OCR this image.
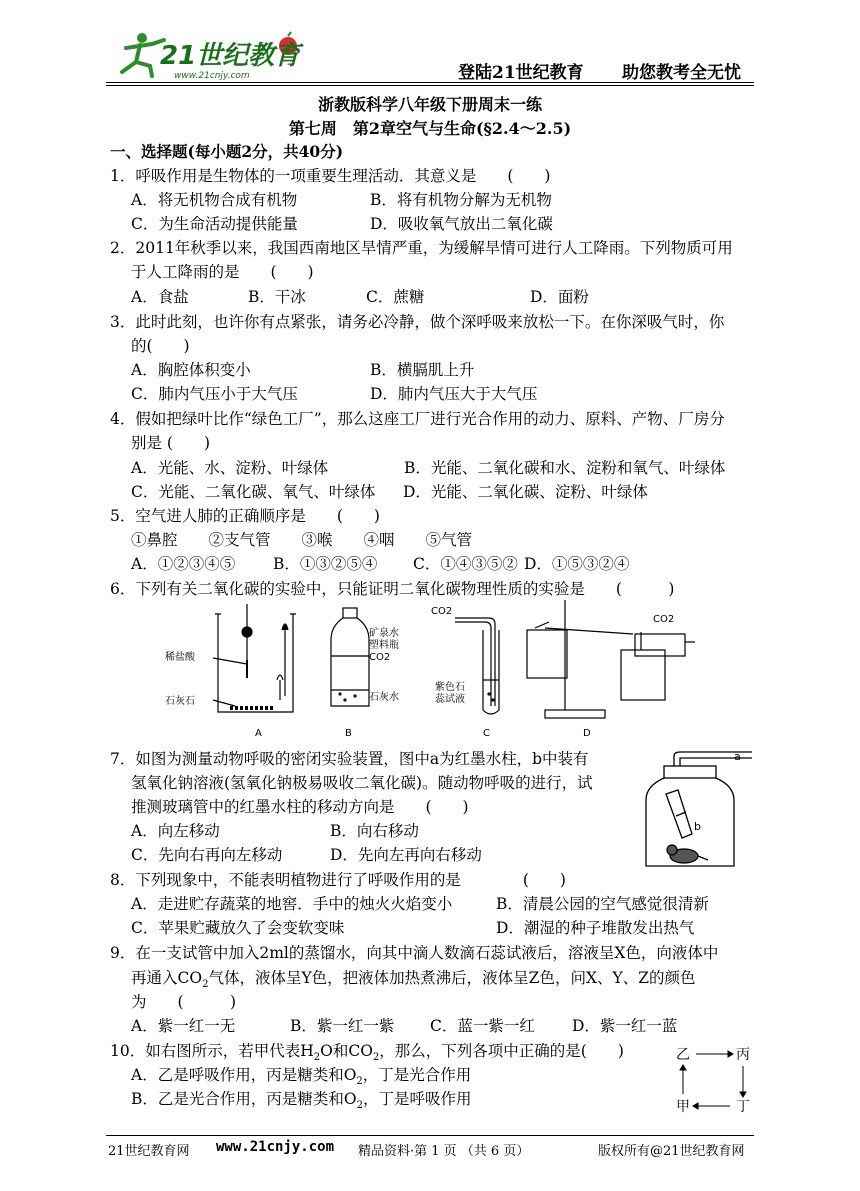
21世纪教育
www.21cnjy.com	登陆21世纪教育 助您教考全无忧
浙教版科学八年级下册周末一练
第七周　第2章空气与生命(§2.4～2.5)
一、选择题(每小题2分，共40分)
1．呼吸作用是生物体的一项重要生理活动．其意义是　　(　　)
A．将无机物合成有机物	B．将有机物分解为无机物
C．为生命活动提供能量	D．吸收氧气放出二氧化碳
2．2011年秋季以来，我国西南地区旱情严重，为缓解旱情可进行人工降雨。下列物质可用
于人工降雨的是　　(　　)
A．食盐	B．干冰	C．蔗糖	D．面粉
3．此时此刻，也许你有点紧张，请务必冷静，做个深呼吸来放松一下。在你深吸气时，你
的(　　)
A．胸腔体积变小	B．横膈肌上升
C．肺内气压小于大气压	D．肺内气压大于大气压
4．假如把绿叶比作“绿色工厂”，那么这座工厂进行光合作用的动力、原料、产物、厂房分
别是 (　　)
A．光能、水、淀粉、叶绿体	B．光能、二氧化碳和水、淀粉和氧气、叶绿体
C．光能、二氧化碳、氧气、叶绿体 D．光能、二氧化碳、淀粉、叶绿体
5．空气进人肺的正确顺序是　　(　　)
①鼻腔　　②支气管　　③喉　　④咽　　⑤气管
A．①②③④⑤ B．①③②⑤④ C．①④③⑤② D．①⑤③②④
6．下列有关二氧化碳的实验中，只能证明二氧化碳物理性质的实验是　　(　　　)
稀盐酸
石灰石
A
矿泉水
塑料瓶
CO2
石灰水
B
CO2
紫色石
蕊试液
C
CO2
D
7．如图为测量动物呼吸的密闭实验装置，图中a为红墨水柱，b中装有
氢氧化钠溶液(氢氧化钠极易吸收二氧化碳)。随动物呼吸的进行，试
推测玻璃管中的红墨水柱的移动方向是　　(　　)
A．向左移动	B．向右移动
C．先向右再向左移动	D．先向左再向右移动
a
b
8．下列现象中，不能表明植物进行了呼吸作用的是　　　　(　　)
A．走进贮存蔬菜的地窖．手中的烛火火焰变小	B．清晨公园的空气感觉很清新
C．苹果贮藏放久了会变软变味	D．潮湿的种子堆散发出热气
9．在一支试管中加入2ml的蒸馏水，向其中滴人数滴石蕊试液后，溶液呈X色，向液体中
再通入$CO_2$气体，液体呈Y色，把液体加热煮沸后，液体呈Z色，问X、Y、Z的颜色
为　　(　　　)
A．紫一红一无	B．紫一红一紫 C．蓝一紫一红 D．紫一红一蓝
10．如右图所示，若甲代表$H_2O$和$CO_2$，那么，下列各项中正确的是(　　)
A．乙是呼吸作用，丙是糖类和$O_2$，丁是光合作用
B．乙是光合作用，丙是糖类和$O_2$，丁是呼吸作用
乙	丙
甲	丁
21世纪教育网 www.21cnjy.com 精品资料·第 1 页 （共 6 页）	版权所有@21世纪教育网
